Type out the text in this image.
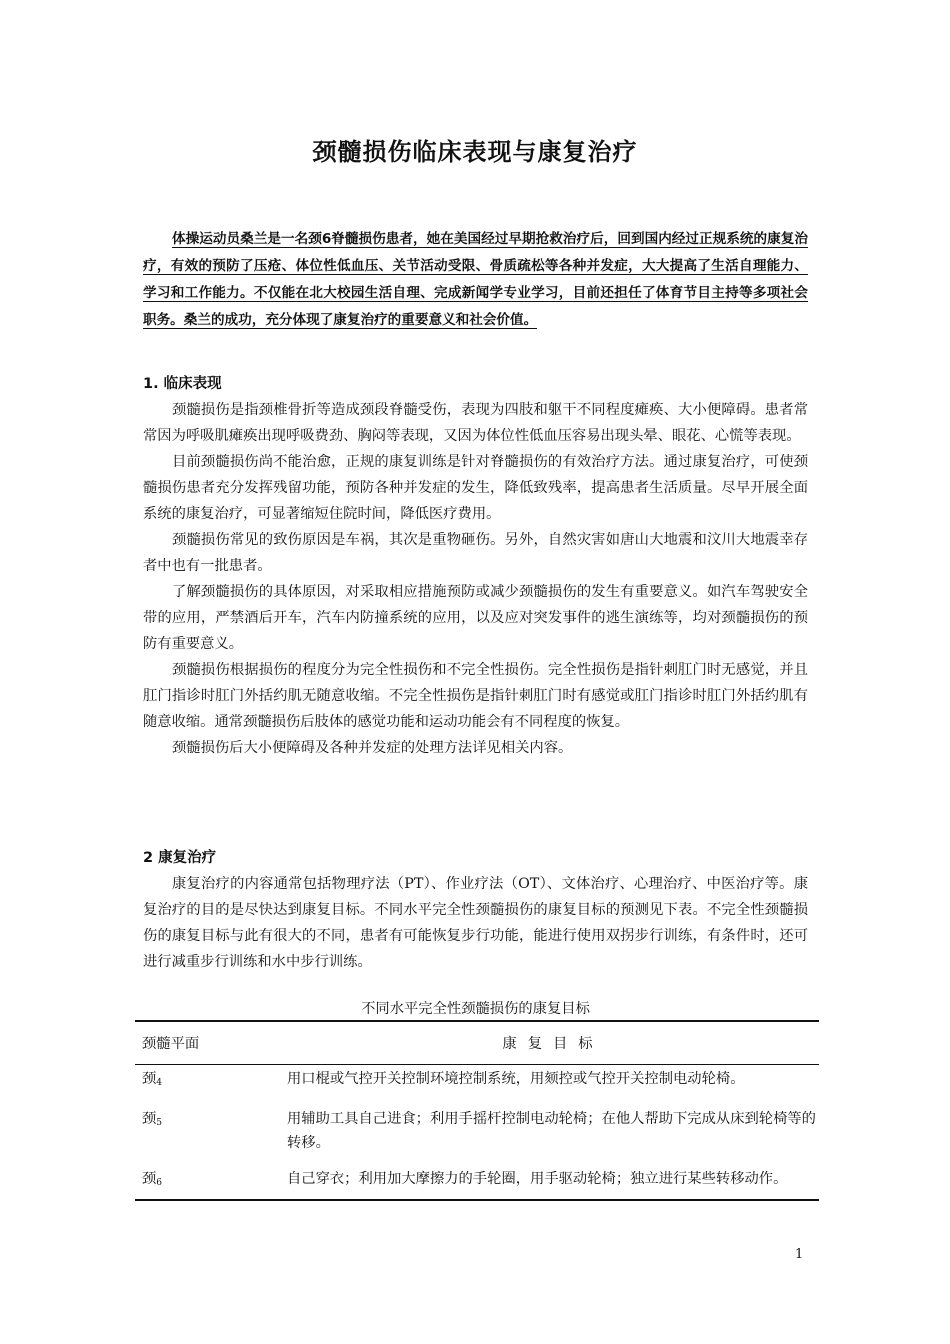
颈髓损伤临床表现与康复治疗
体操运动员桑兰是一名颈6脊髓损伤患者，她在美国经过早期抢救治疗后，回到国内经过正规系统的康复治疗，有效的预防了压疮、体位性低血压、关节活动受限、骨质疏松等各种并发症，大大提高了生活自理能力、学习和工作能力。不仅能在北大校园生活自理、完成新闻学专业学习，目前还担任了体育节目主持等多项社会职务。桑兰的成功，充分体现了康复治疗的重要意义和社会价值。
1. 临床表现

颈髓损伤是指颈椎骨折等造成颈段脊髓受伤，表现为四肢和躯干不同程度瘫痪、大小便障碍。患者常常因为呼吸肌瘫痪出现呼吸费劲、胸闷等表现，又因为体位性低血压容易出现头晕、眼花、心慌等表现。

目前颈髓损伤尚不能治愈，正规的康复训练是针对脊髓损伤的有效治疗方法。通过康复治疗，可使颈髓损伤患者充分发挥残留功能，预防各种并发症的发生，降低致残率，提高患者生活质量。尽早开展全面系统的康复治疗，可显著缩短住院时间，降低医疗费用。

颈髓损伤常见的致伤原因是车祸，其次是重物砸伤。另外，自然灾害如唐山大地震和汶川大地震幸存者中也有一批患者。

了解颈髓损伤的具体原因，对采取相应措施预防或减少颈髓损伤的发生有重要意义。如汽车驾驶安全带的应用，严禁酒后开车，汽车内防撞系统的应用，以及应对突发事件的逃生演练等，均对颈髓损伤的预防有重要意义。

颈髓损伤根据损伤的程度分为完全性损伤和不完全性损伤。完全性损伤是指针刺肛门时无感觉，并且肛门指诊时肛门外括约肌无随意收缩。不完全性损伤是指针刺肛门时有感觉或肛门指诊时肛门外括约肌有随意收缩。通常颈髓损伤后肢体的感觉功能和运动功能会有不同程度的恢复。

颈髓损伤后大小便障碍及各种并发症的处理方法详见相关内容。

2 康复治疗

康复治疗的内容通常包括物理疗法（PT）、作业疗法（OT）、文体治疗、心理治疗、中医治疗等。康复治疗的目的是尽快达到康复目标。不同水平完全性颈髓损伤的康复目标的预测见下表。不完全性颈髓损伤的康复目标与此有很大的不同，患者有可能恢复步行功能，能进行使用双拐步行训练，有条件时，还可进行减重步行训练和水中步行训练。

不同水平完全性颈髓损伤的康复目标
颈髓平面	康复目标
颈$_4$	用口棍或气控开关控制环境控制系统，用颏控或气控开关控制电动轮椅。
颈$_5$	用辅助工具自己进食；利用手摇杆控制电动轮椅；在他人帮助下完成从床到轮椅等的转移。
颈$_6$	自己穿衣；利用加大摩擦力的手轮圈，用手驱动轮椅；独立进行某些转移动作。
1
